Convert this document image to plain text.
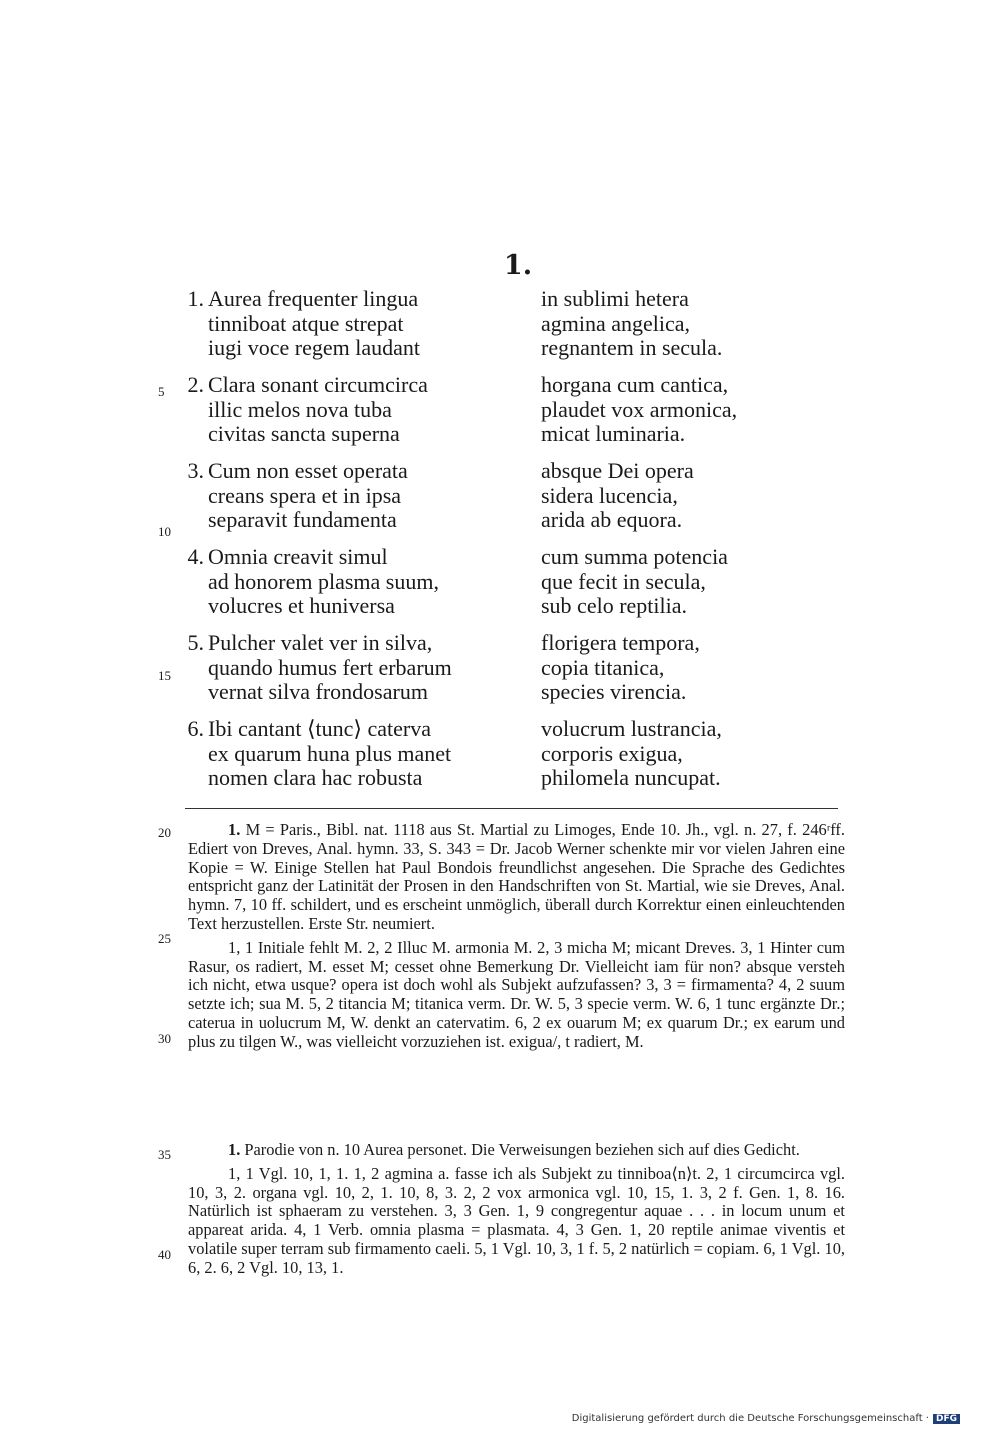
1.
1. Aurea frequenter lingua
tinniboat atque strepat
iugi voce regem laudant
in sublimi hetera
agmina angelica,
regnantem in secula.
2. Clara sonant circumcirca
illic melos nova tuba
civitas sancta superna
horgana cum cantica,
plaudet vox armonica,
micat luminaria.
3. Cum non esset operata
creans spera et in ipsa
separavit fundamenta
absque Dei opera
sidera lucencia,
arida ab equora.
4. Omnia creavit simul
ad honorem plasma suum,
volucres et huniversa
cum summa potencia
que fecit in secula,
sub celo reptilia.
5. Pulcher valet ver in silva,
quando humus fert erbarum
vernat silva frondosarum
florigera tempora,
copia titanica,
species virencia.
6. Ibi cantant ⟨tunc⟩ caterva
ex quarum huna plus manet
nomen clara hac robusta
volucrum lustrancia,
corporis exigua,
philomela nuncupat.
5
10
15
20
25
30
35
40

1. M = Paris., Bibl. nat. 1118 aus St. Martial zu Limoges, Ende 10. Jh., vgl. n. 27, f. 246ʳff. Ediert von Dreves, Anal. hymn. 33, S. 343 = Dr. Jacob Werner schenkte mir vor vielen Jahren eine Kopie = W. Einige Stellen hat Paul Bondois freundlichst angesehen. Die Sprache des Gedichtes entspricht ganz der Latinität der Prosen in den Handschriften von St. Martial, wie sie Dreves, Anal. hymn. 7, 10 ff. schildert, und es erscheint unmöglich, überall durch Korrektur einen einleuchtenden Text herzustellen. Erste Str. neumiert.

1, 1 Initiale fehlt M. 2, 2 Illuc M. armonia M. 2, 3 micha M; micant Dreves. 3, 1 Hinter cum Rasur, os radiert, M. esset M; cesset ohne Bemerkung Dr. Vielleicht iam für non? absque versteh ich nicht, etwa usque? opera ist doch wohl als Subjekt aufzufassen? 3, 3 = firmamenta? 4, 2 suum setzte ich; sua M. 5, 2 titancia M; titanica verm. Dr. W. 5, 3 specie verm. W. 6, 1 tunc ergänzte Dr.; caterua in uolucrum M, W. denkt an catervatim. 6, 2 ex ouarum M; ex quarum Dr.; ex earum und plus zu tilgen W., was vielleicht vorzuziehen ist. exigua/, t radiert, M.

1. Parodie von n. 10 Aurea personet. Die Verweisungen beziehen sich auf dies Gedicht.

1, 1 Vgl. 10, 1, 1. 1, 2 agmina a. fasse ich als Subjekt zu tinniboa⟨n⟩t. 2, 1 circumcirca vgl. 10, 3, 2. organa vgl. 10, 2, 1. 10, 8, 3. 2, 2 vox armonica vgl. 10, 15, 1. 3, 2 f. Gen. 1, 8. 16. Natürlich ist sphaeram zu verstehen. 3, 3 Gen. 1, 9 congregentur aquae . . . in locum unum et appareat arida. 4, 1 Verb. omnia plasma = plasmata. 4, 3 Gen. 1, 20 reptile animae viventis et volatile super terram sub firmamento caeli. 5, 1 Vgl. 10, 3, 1 f. 5, 2 natürlich = copiam. 6, 1 Vgl. 10, 6, 2. 6, 2 Vgl. 10, 13, 1.

Digitalisierung gefördert durch die Deutsche Forschungsgemeinschaft · DFG
